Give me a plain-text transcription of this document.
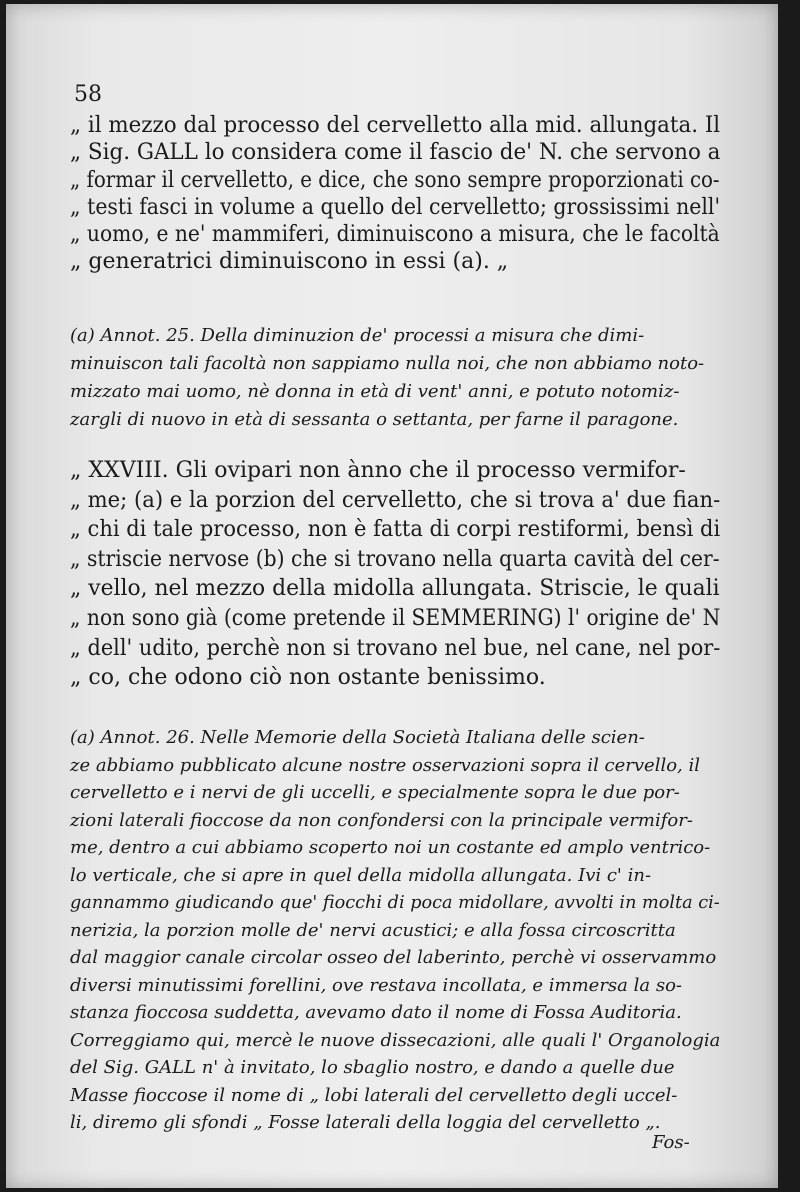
58
„ il mezzo dal processo del cervelletto alla mid. allungata. Il
„ Sig. GALL lo considera come il fascio de' N. che servono a
„ formar il cervelletto, e dice, che sono sempre proporzionati co-
„ testi fasci in volume a quello del cervelletto; grossissimi nell'
„ uomo, e ne' mammiferi, diminuiscono a misura, che le facoltà
„ generatrici diminuiscono in essi (a). „
(a) Annot. 25. Della diminuzion de' processi a misura che dimi-
minuiscon tali facoltà non sappiamo nulla noi, che non abbiamo noto-
mizzato mai uomo, nè donna in età di vent' anni, e potuto notomiz-
zargli di nuovo in età di sessanta o settanta, per farne il paragone.
„ XXVIII. Gli ovipari non ànno che il processo vermifor-
„ me; (a) e la porzion del cervelletto, che si trova a' due fian-
„ chi di tale processo, non è fatta di corpi restiformi, bensì di
„ striscie nervose (b) che si trovano nella quarta cavità del cer-
„ vello, nel mezzo della midolla allungata. Striscie, le quali
„ non sono già (come pretende il SEMMERING) l' origine de' N
„ dell' udito, perchè non si trovano nel bue, nel cane, nel por-
„ co, che odono ciò non ostante benissimo.
(a) Annot. 26. Nelle Memorie della Società Italiana delle scien-
ze abbiamo pubblicato alcune nostre osservazioni sopra il cervello, il
cervelletto e i nervi de gli uccelli, e specialmente sopra le due por-
zioni laterali fioccose da non confondersi con la principale vermifor-
me, dentro a cui abbiamo scoperto noi un costante ed amplo ventrico-
lo verticale, che si apre in quel della midolla allungata. Ivi c' in-
gannammo giudicando que' fiocchi di poca midollare, avvolti in molta ci-
nerizia, la porzion molle de' nervi acustici; e alla fossa circoscritta
dal maggior canale circolar osseo del laberinto, perchè vi osservammo
diversi minutissimi forellini, ove restava incollata, e immersa la so-
stanza fioccosa suddetta, avevamo dato il nome di Fossa Auditoria.
Correggiamo qui, mercè le nuove dissecazioni, alle quali l' Organologia
del Sig. GALL n' à invitato, lo sbaglio nostro, e dando a quelle due
Masse fioccose il nome di „ lobi laterali del cervelletto degli uccel-
li, diremo gli sfondi „ Fosse laterali della loggia del cervelletto „.
Fos-
